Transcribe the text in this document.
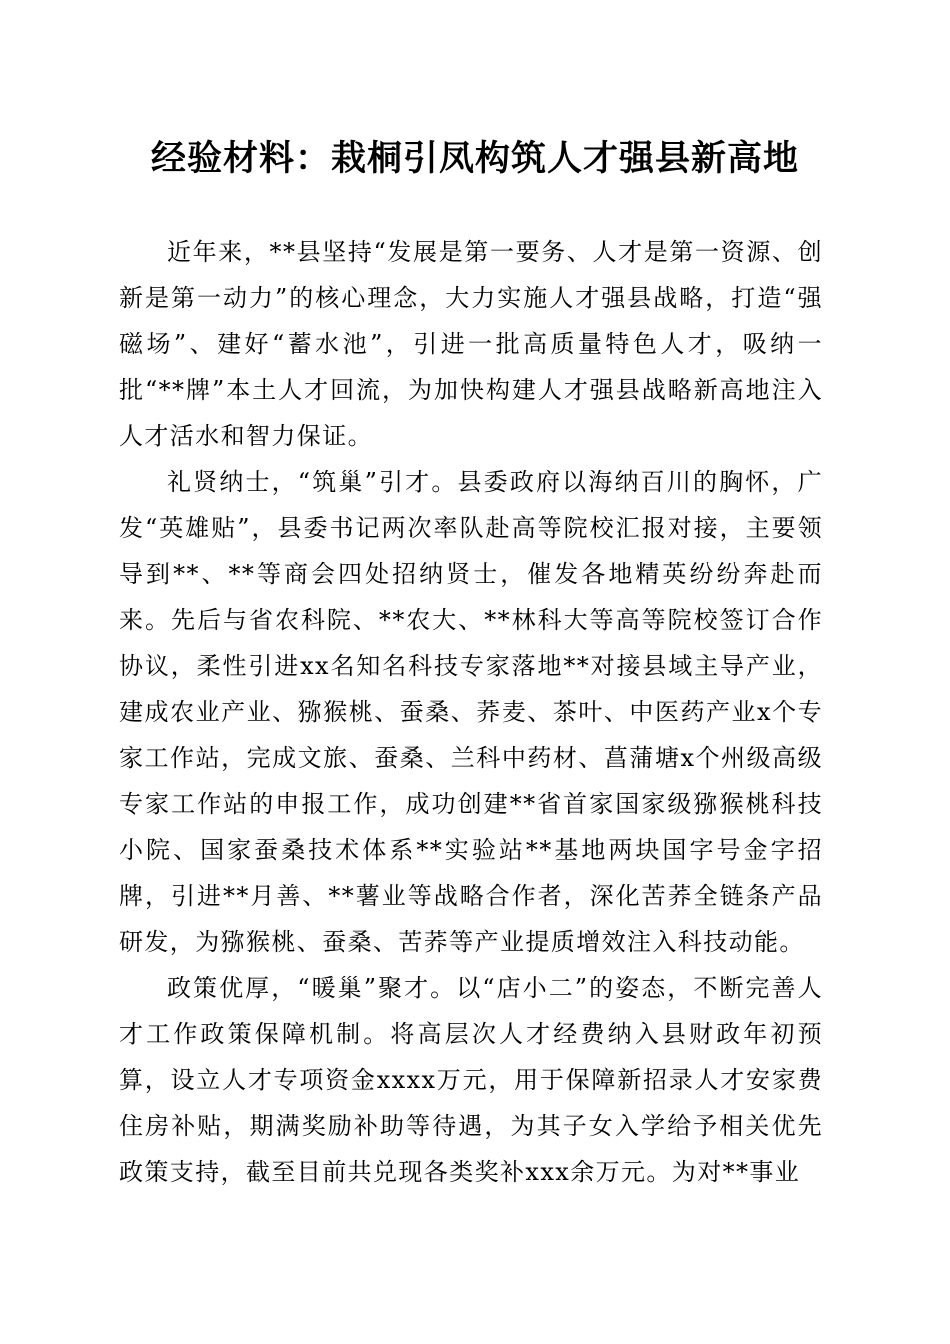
经验材料：栽桐引凤构筑人才强县新高地

近年来，**县坚持“发展是第一要务、人才是第一资源、创新是第一动力”的核心理念，大力实施人才强县战略，打造“强磁场”、建好“蓄水池”，引进一批高质量特色人才，吸纳一批“**牌”本土人才回流，为加快构建人才强县战略新高地注入人才活水和智力保证。

礼贤纳士，“筑巢”引才。县委政府以海纳百川的胸怀，广发“英雄贴”，县委书记两次率队赴高等院校汇报对接，主要领导到**、**等商会四处招纳贤士，催发各地精英纷纷奔赴而来。先后与省农科院、**农大、**林科大等高等院校签订合作协议，柔性引进xx名知名科技专家落地**对接县域主导产业，建成农业产业、猕猴桃、蚕桑、荞麦、茶叶、中医药产业x个专家工作站，完成文旅、蚕桑、兰科中药材、菖蒲塘x个州级高级专家工作站的申报工作，成功创建**省首家国家级猕猴桃科技小院、国家蚕桑技术体系**实验站**基地两块国字号金字招牌，引进**月善、**薯业等战略合作者，深化苦荞全链条产品研发，为猕猴桃、蚕桑、苦荞等产业提质增效注入科技动能。

政策优厚，“暖巢”聚才。以“店小二”的姿态，不断完善人才工作政策保障机制。将高层次人才经费纳入县财政年初预算，设立人才专项资金xxxx万元，用于保障新招录人才安家费住房补贴，期满奖励补助等待遇，为其子女入学给予相关优先政策支持，截至目前共兑现各类奖补xxx余万元。为对**事业
